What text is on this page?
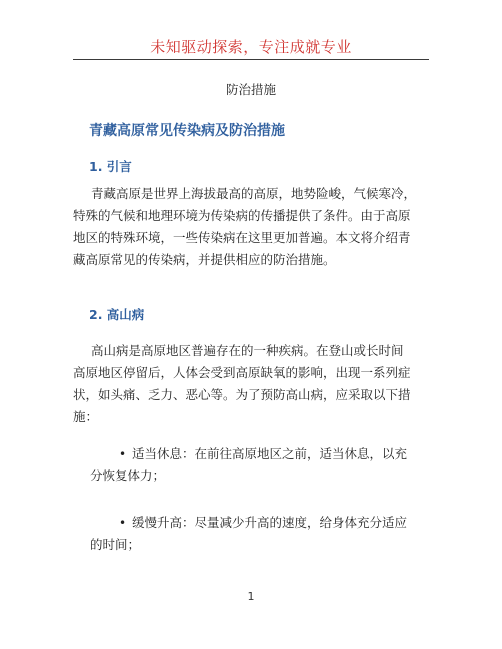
未知驱动探索，专注成就专业
防治措施
青藏高原常见传染病及防治措施
1. 引言
青藏高原是世界上海拔最高的高原，地势险峻，气候寒冷，
特殊的气候和地理环境为传染病的传播提供了条件。由于高原
地区的特殊环境，一些传染病在这里更加普遍。本文将介绍青
藏高原常见的传染病，并提供相应的防治措施。
2. 高山病
高山病是高原地区普遍存在的一种疾病。在登山或长时间
高原地区停留后，人体会受到高原缺氧的影响，出现一系列症
状，如头痛、乏力、恶心等。为了预防高山病，应采取以下措
施：
• 适当休息：在前往高原地区之前，适当休息，以充
分恢复体力；
• 缓慢升高：尽量减少升高的速度，给身体充分适应
的时间；
1
